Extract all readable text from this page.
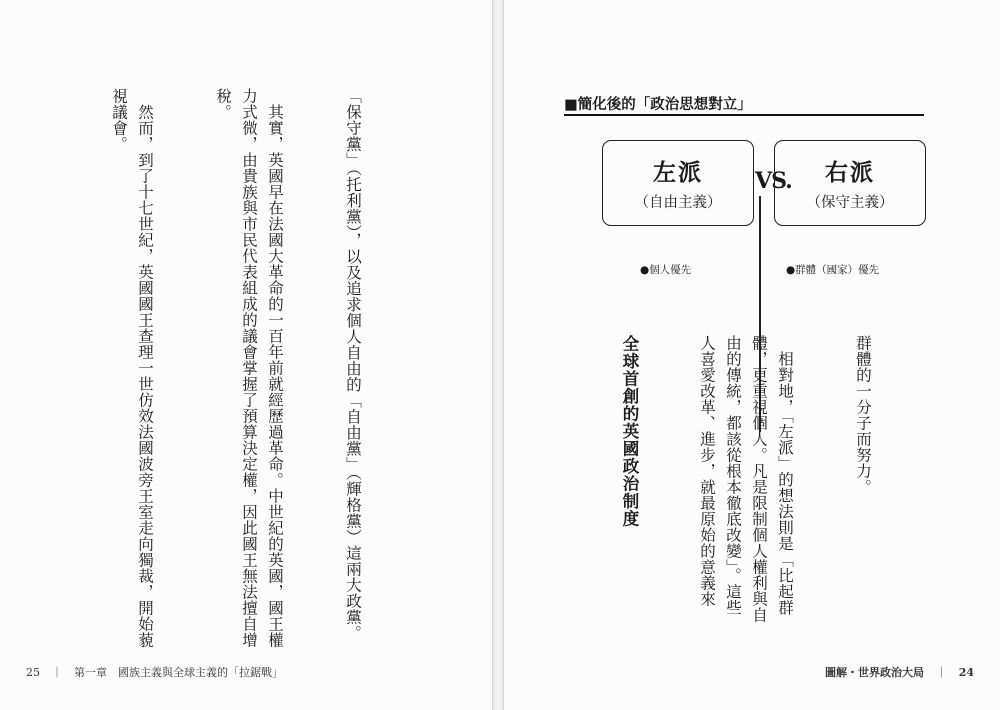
「保守黨」（托利黨），以及追求個人自由的「自由黨」（輝格黨）這兩大政黨。

　其實，英國早在法國大革命的一百年前就經歷過革命。中世紀的英國，國王權力式微，由貴族與市民代表組成的議會掌握了預算決定權，因此國王無法擅自增稅。

　然而，到了十七世紀，英國國王查理一世仿效法國波旁王室走向獨裁，開始藐視議會。

25 ｜ 第一章　國族主義與全球主義的「拉鋸戰」
■簡化後的「政治思想對立」
左派
（自由主義）
VS. 右派
（保守主義）
●個人優先	●群體（國家）優先

群體的一分子而努力。

　相對地，「左派」的想法則是「比起群體，更重視個人。凡是限制個人權利與自由的傳統，都該從根本徹底改變」。這些人喜愛改革、進步，就最原始的意義來

全球首創的英國政治制度

圖解・世界政治大局 ｜ 24
